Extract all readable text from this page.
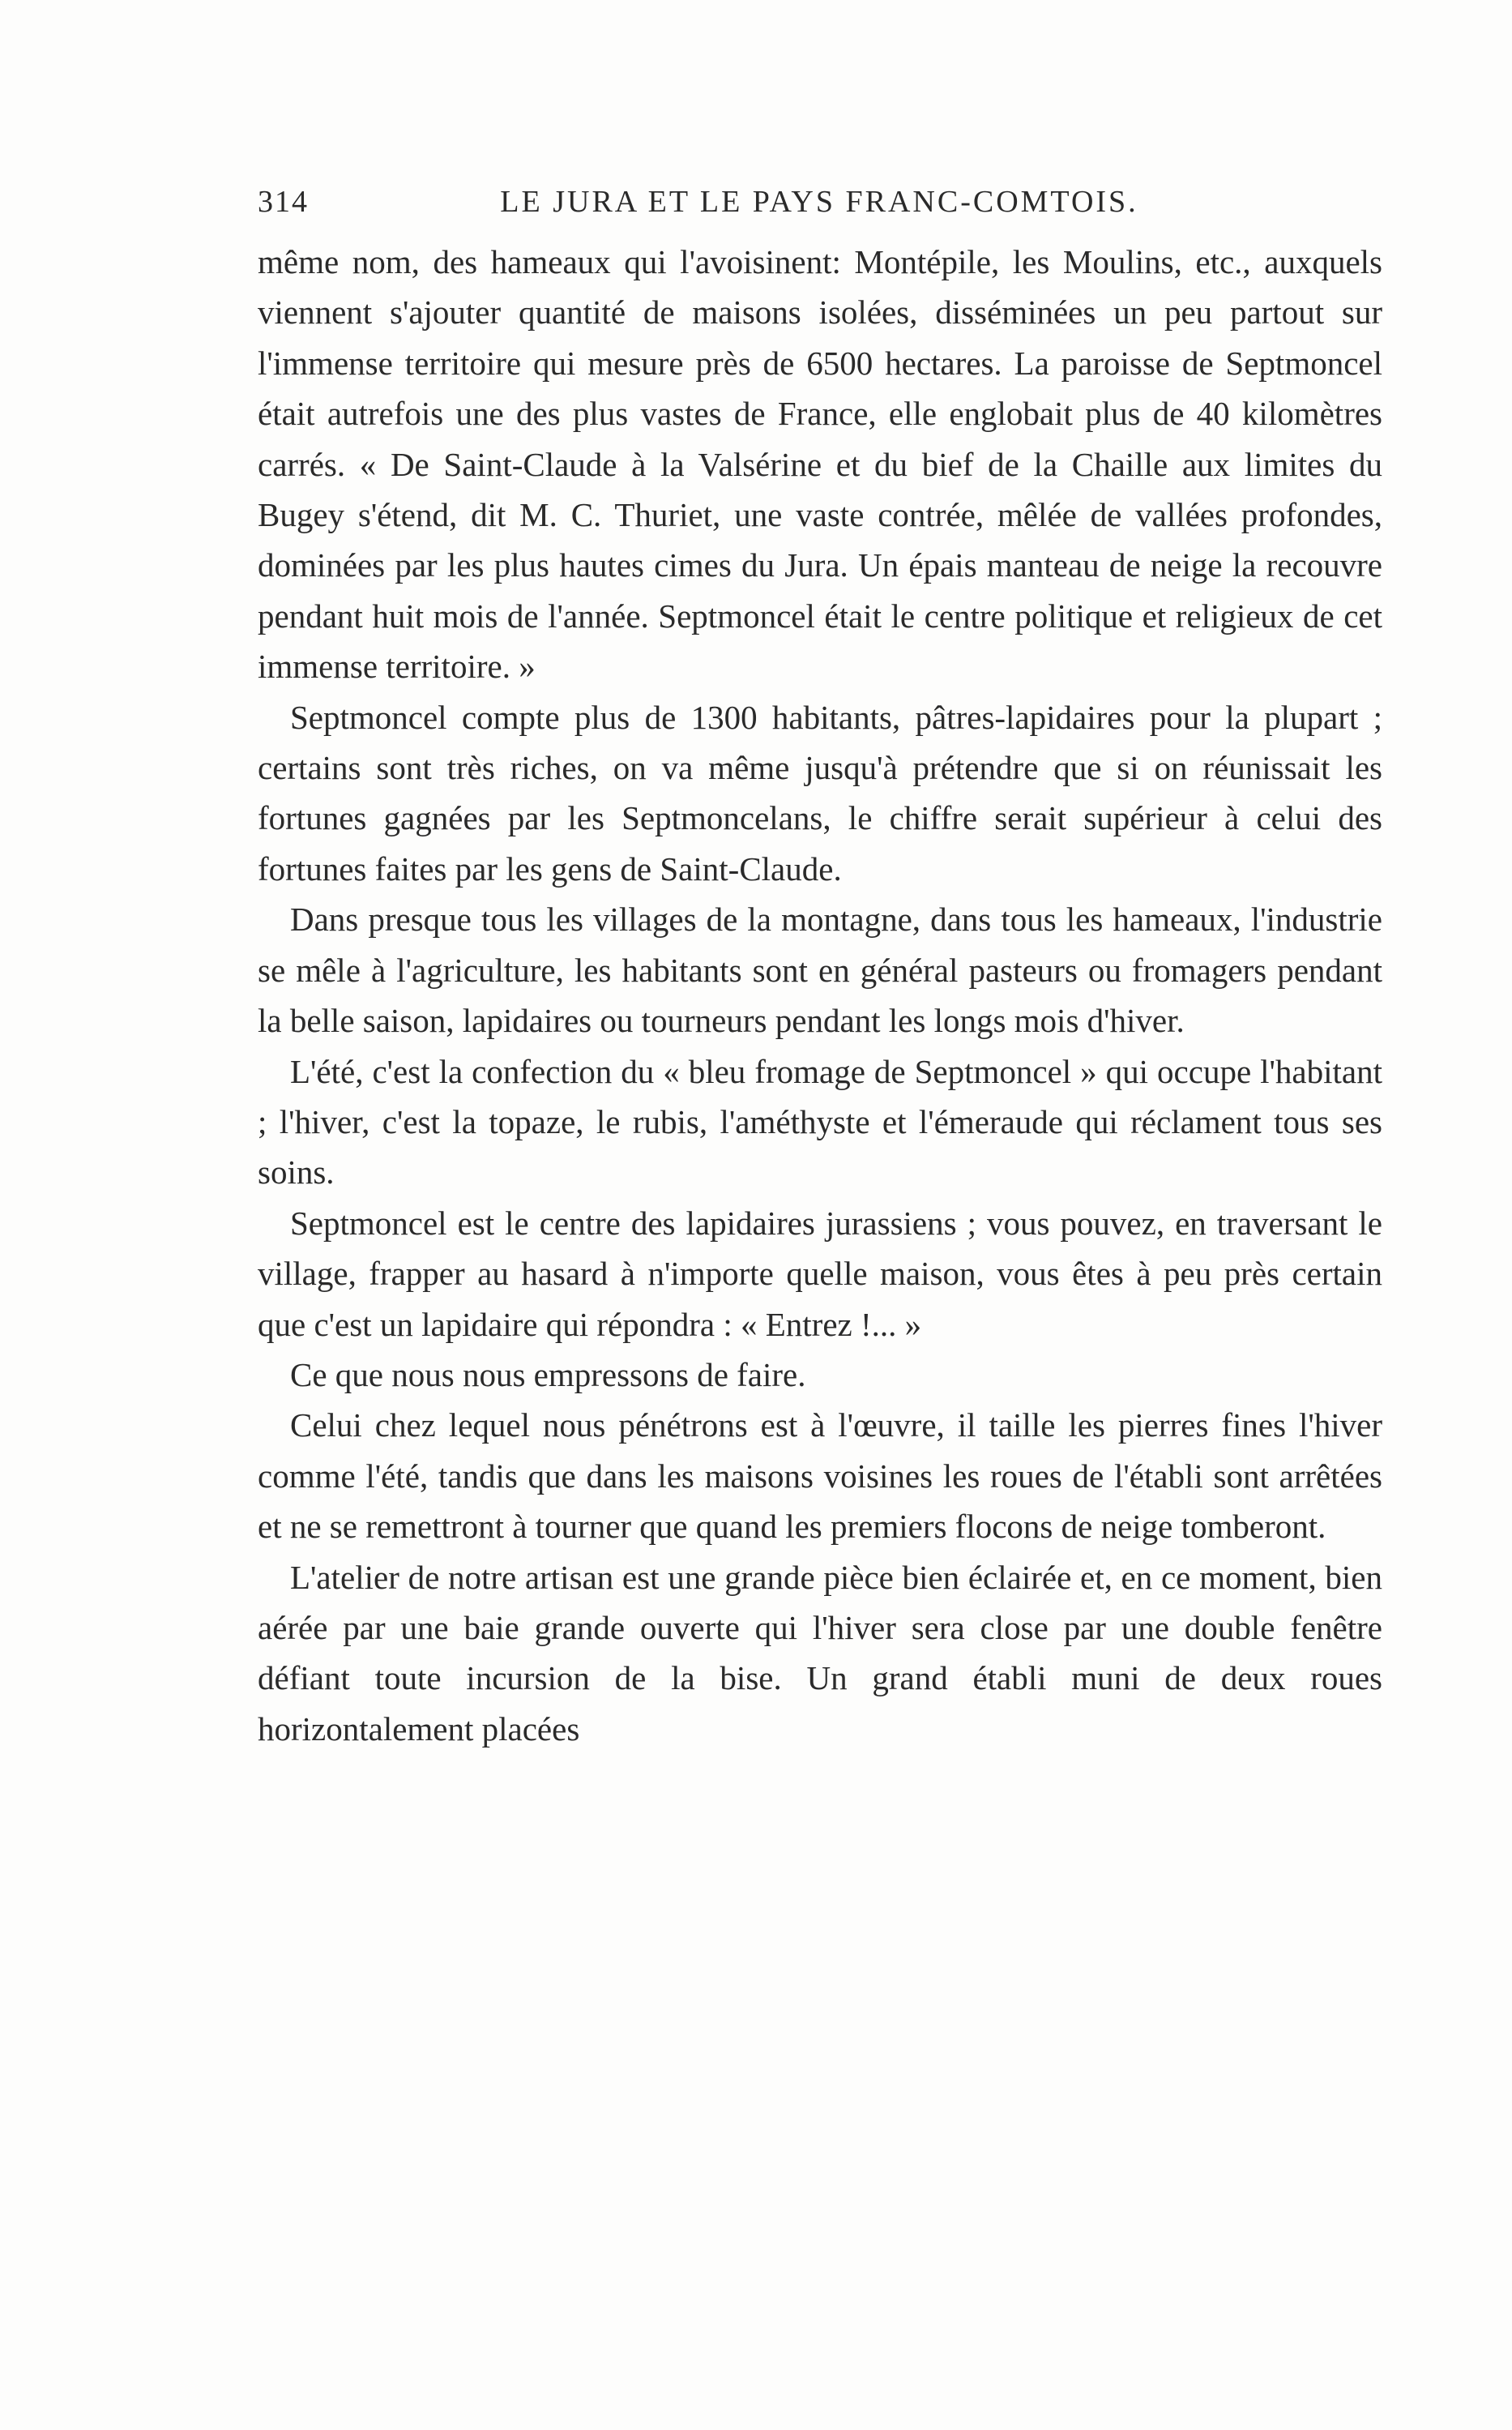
314	LE JURA ET LE PAYS FRANC-COMTOIS.

même nom, des hameaux qui l'avoisinent: Montépile, les Moulins, etc., auxquels viennent s'ajouter quantité de maisons isolées, disséminées un peu partout sur l'immense territoire qui mesure près de 6500 hectares. La paroisse de Septmoncel était autrefois une des plus vastes de France, elle englobait plus de 40 kilomètres carrés. « De Saint-Claude à la Valsérine et du bief de la Chaille aux limites du Bugey s'étend, dit M. C. Thuriet, une vaste contrée, mêlée de vallées profondes, dominées par les plus hautes cimes du Jura. Un épais manteau de neige la recouvre pendant huit mois de l'année. Septmoncel était le centre politique et religieux de cet immense territoire. »

Septmoncel compte plus de 1300 habitants, pâtres-lapidaires pour la plupart ; certains sont très riches, on va même jusqu'à prétendre que si on réunissait les fortunes gagnées par les Septmoncelans, le chiffre serait supérieur à celui des fortunes faites par les gens de Saint-Claude.

Dans presque tous les villages de la montagne, dans tous les hameaux, l'industrie se mêle à l'agriculture, les habitants sont en général pasteurs ou fromagers pendant la belle saison, lapidaires ou tourneurs pendant les longs mois d'hiver.

L'été, c'est la confection du « bleu fromage de Septmoncel » qui occupe l'habitant ; l'hiver, c'est la topaze, le rubis, l'améthyste et l'émeraude qui réclament tous ses soins.

Septmoncel est le centre des lapidaires jurassiens ; vous pouvez, en traversant le village, frapper au hasard à n'importe quelle maison, vous êtes à peu près certain que c'est un lapidaire qui répondra : « Entrez !... »

Ce que nous nous empressons de faire.

Celui chez lequel nous pénétrons est à l'œuvre, il taille les pierres fines l'hiver comme l'été, tandis que dans les maisons voisines les roues de l'établi sont arrêtées et ne se remettront à tourner que quand les premiers flocons de neige tomberont.

L'atelier de notre artisan est une grande pièce bien éclairée et, en ce moment, bien aérée par une baie grande ouverte qui l'hiver sera close par une double fenêtre défiant toute incursion de la bise. Un grand établi muni de deux roues horizontalement placées
